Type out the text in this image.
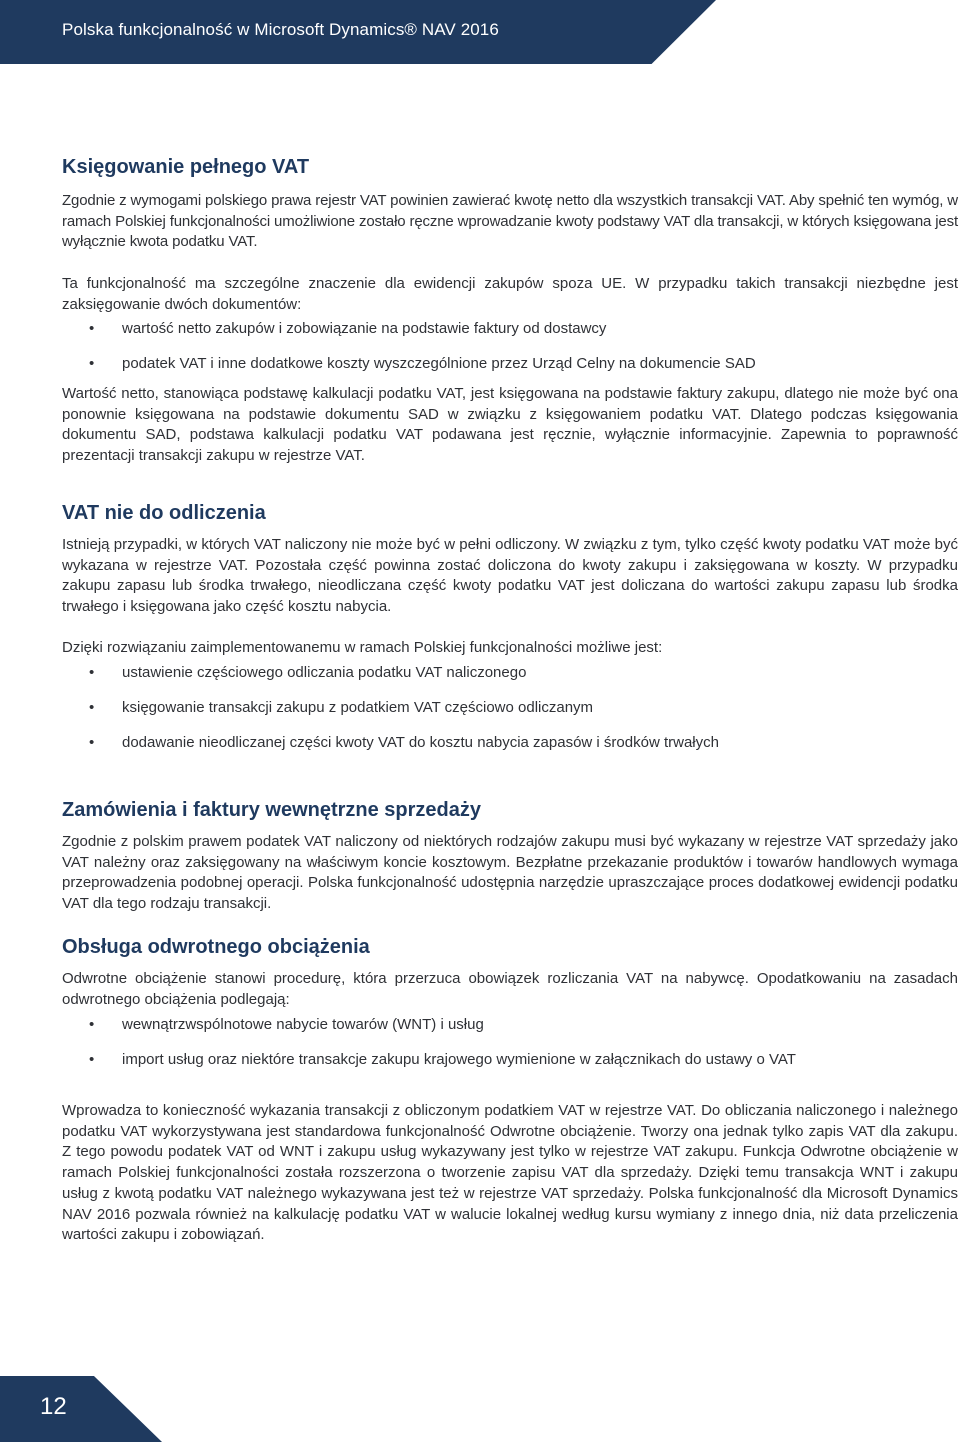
Polska funkcjonalność w Microsoft Dynamics® NAV 2016
Księgowanie pełnego VAT

Zgodnie z wymogami polskiego prawa rejestr VAT powinien zawierać kwotę netto dla wszystkich transakcji VAT. Aby spełnić ten wymóg, w ramach Polskiej funkcjonalności umożliwione zostało ręczne wprowadzanie kwoty podstawy VAT dla transakcji, w których księgowana jest wyłącznie kwota podatku VAT.

Ta funkcjonalność ma szczególne znaczenie dla ewidencji zakupów spoza UE. W przypadku takich transakcji niezbędne jest zaksięgowanie dwóch dokumentów:

• wartość netto zakupów i zobowiązanie na podstawie faktury od dostawcy
• podatek VAT i inne dodatkowe koszty wyszczególnione przez Urząd Celny na dokumencie SAD

Wartość netto, stanowiąca podstawę kalkulacji podatku VAT, jest księgowana na podstawie faktury zakupu, dlatego nie może być ona ponownie księgowana na podstawie dokumentu SAD w związku z księgowaniem podatku VAT. Dlatego podczas księgowania dokumentu SAD, podstawa kalkulacji podatku VAT podawana jest ręcznie, wyłącznie informacyjnie. Zapewnia to poprawność prezentacji transakcji zakupu w rejestrze VAT.

VAT nie do odliczenia

Istnieją przypadki, w których VAT naliczony nie może być w pełni odliczony. W związku z tym, tylko część kwoty podatku VAT może być wykazana w rejestrze VAT. Pozostała część powinna zostać doliczona do kwoty zakupu i zaksięgowana w koszty. W przypadku zakupu zapasu lub środka trwałego, nieodliczana część kwoty podatku VAT jest doliczana do wartości zakupu zapasu lub środka trwałego i księgowana jako część kosztu nabycia.

Dzięki rozwiązaniu zaimplementowanemu w ramach Polskiej funkcjonalności możliwe jest:

• ustawienie częściowego odliczania podatku VAT naliczonego
• księgowanie transakcji zakupu z podatkiem VAT częściowo odliczanym
• dodawanie nieodliczanej części kwoty VAT do kosztu nabycia zapasów i środków trwałych
Zamówienia i faktury wewnętrzne sprzedaży

Zgodnie z polskim prawem podatek VAT naliczony od niektórych rodzajów zakupu musi być wykazany w rejestrze VAT sprzedaży jako VAT należny oraz zaksięgowany na właściwym koncie kosztowym. Bezpłatne przekazanie produktów i towarów handlowych wymaga przeprowadzenia podobnej operacji. Polska funkcjonalność udostępnia narzędzie upraszczające proces dodatkowej ewidencji podatku VAT dla tego rodzaju transakcji.

Obsługa odwrotnego obciążenia

Odwrotne obciążenie stanowi procedurę, która przerzuca obowiązek rozliczania VAT na nabywcę. Opodatkowaniu na zasadach odwrotnego obciążenia podlegają:

• wewnątrzwspólnotowe nabycie towarów (WNT) i usług
• import usług oraz niektóre transakcje zakupu krajowego wymienione w załącznikach do ustawy o VAT

Wprowadza to konieczność wykazania transakcji z obliczonym podatkiem VAT w rejestrze VAT. Do obliczania naliczonego i należnego podatku VAT wykorzystywana jest standardowa funkcjonalność Odwrotne obciążenie. Tworzy ona jednak tylko zapis VAT dla zakupu. Z tego powodu podatek VAT od WNT i zakupu usług wykazywany jest tylko w rejestrze VAT zakupu. Funkcja Odwrotne obciążenie w ramach Polskiej funkcjonalności została rozszerzona o tworzenie zapisu VAT dla sprzedaży. Dzięki temu transakcja WNT i zakupu usług z kwotą podatku VAT należnego wykazywana jest też w rejestrze VAT sprzedaży. Polska funkcjonalność dla Microsoft Dynamics NAV 2016 pozwala również na kalkulację podatku VAT w walucie lokalnej według kursu wymiany z innego dnia, niż data przeliczenia wartości zakupu i zobowiązań.

12
